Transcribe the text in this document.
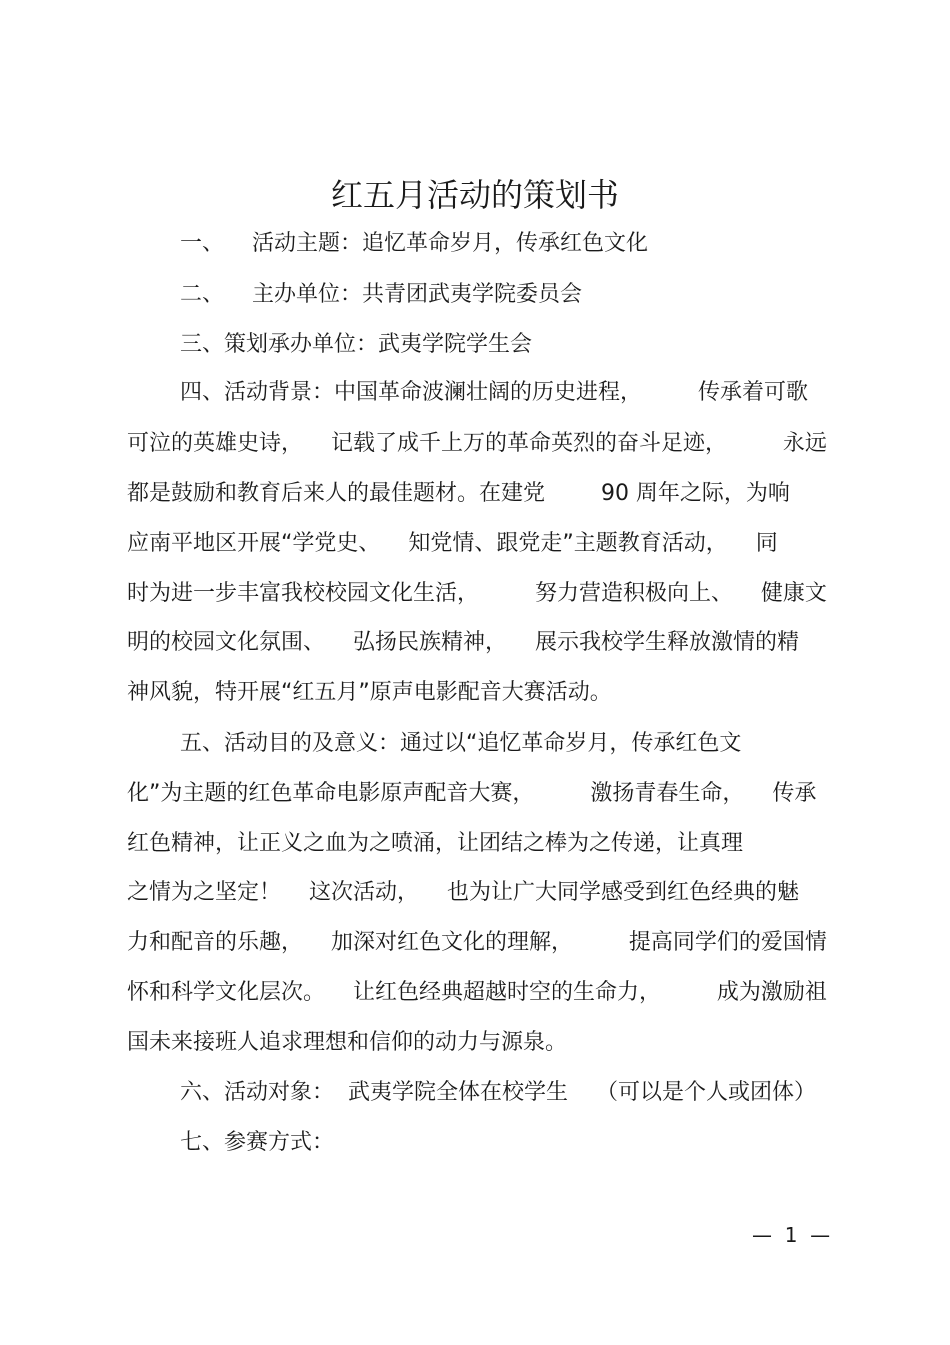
红五月活动的策划书
一、    活动主题：追忆革命岁月，传承红色文化
二、    主办单位：共青团武夷学院委员会
三、策划承办单位：武夷学院学生会
四、活动背景：中国革命波澜壮阔的历史进程，        传承着可歌
可泣的英雄史诗，    记载了成千上万的革命英烈的奋斗足迹，        永远
都是鼓励和教育后来人的最佳题材。在建党        90 周年之际，为响
应南平地区开展“学党史、    知党情、跟党走”主题教育活动，    同
时为进一步丰富我校校园文化生活，        努力营造积极向上、    健康文
明的校园文化氛围、    弘扬民族精神，    展示我校学生释放激情的精
神风貌，特开展“红五月”原声电影配音大赛活动。
五、活动目的及意义：通过以“追忆革命岁月，传承红色文
化”为主题的红色革命电影原声配音大赛，        激扬青春生命，    传承
红色精神，让正义之血为之喷涌，让团结之棒为之传递，让真理
之情为之坚定！    这次活动，    也为让广大同学感受到红色经典的魅
力和配音的乐趣，    加深对红色文化的理解，        提高同学们的爱国情
怀和科学文化层次。    让红色经典超越时空的生命力，        成为激励祖
国未来接班人追求理想和信仰的动力与源泉。
六、活动对象：  武夷学院全体在校学生    （可以是个人或团体）
七、参赛方式：
—  1  —
